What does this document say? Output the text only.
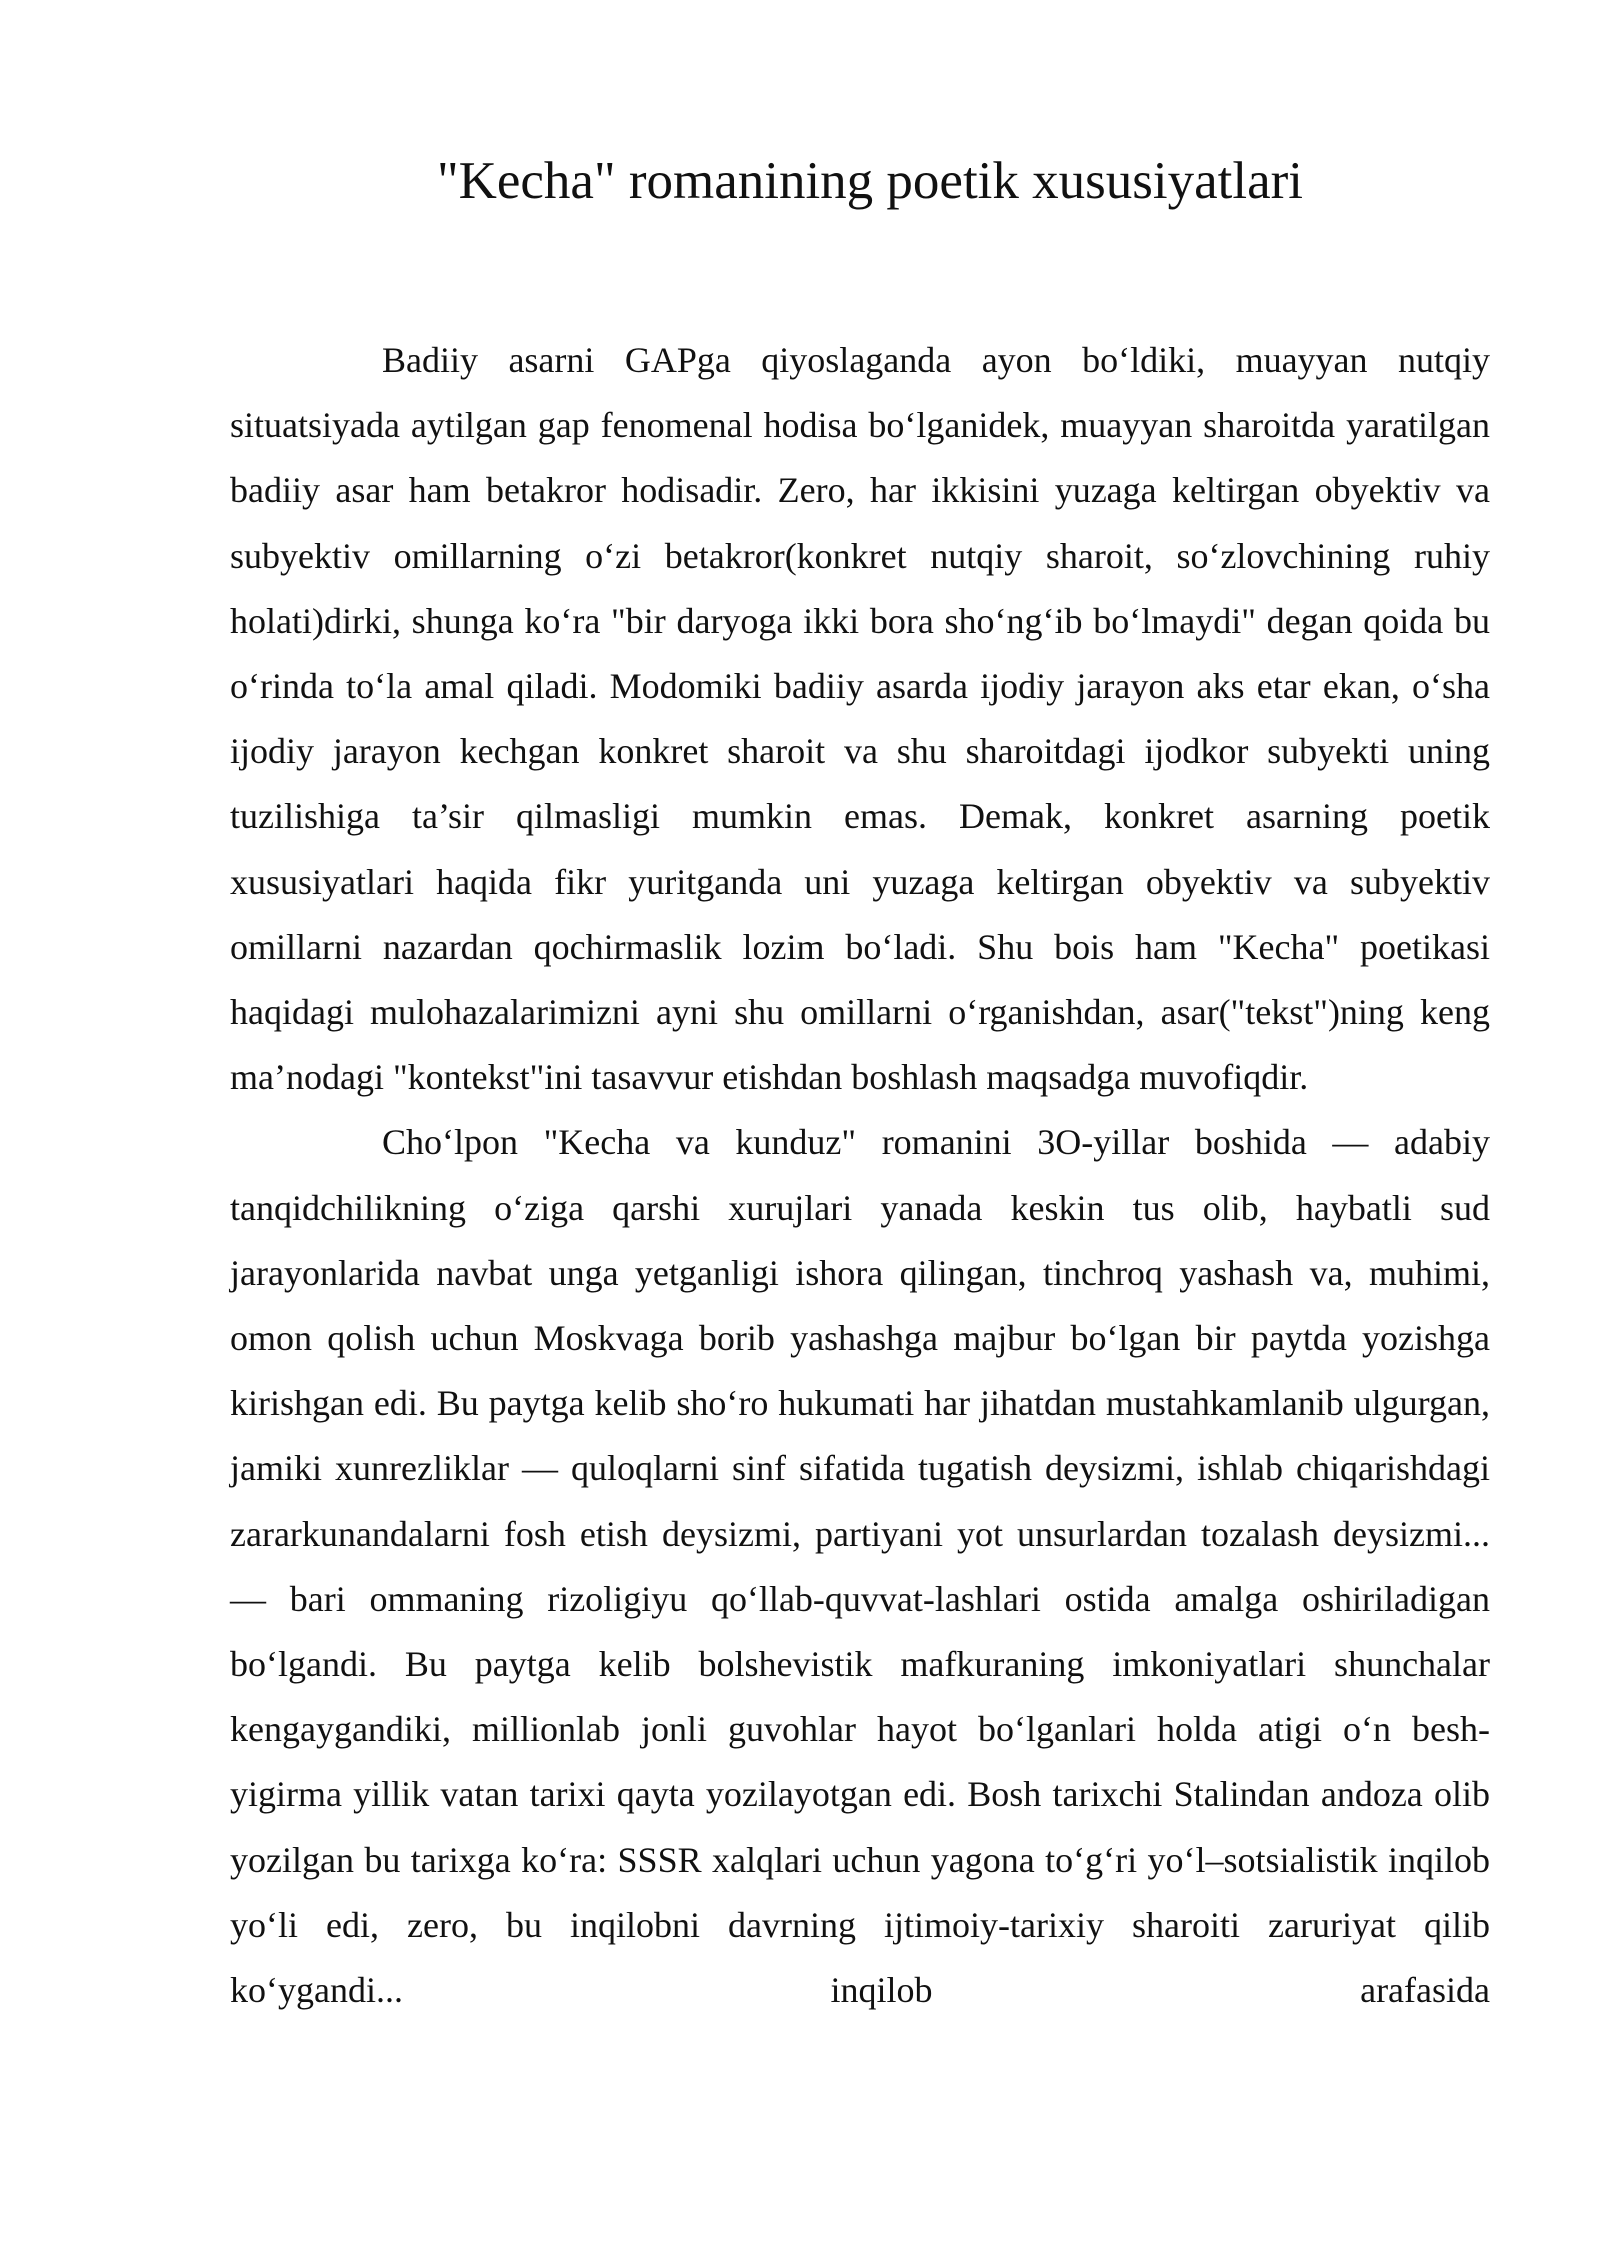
"Kecha" romanining poetik xususiyatlari

Badiiy asarni GAPga qiyoslaganda ayon bo‘ldiki, muayyan nutqiy situatsiyada aytilgan gap fenomenal hodisa bo‘lganidek, muayyan sharoitda yaratilgan badiiy asar ham betakror hodisadir. Zero, har ikkisini yuzaga keltirgan obyektiv va subyektiv omillarning o‘zi betakror(konkret nutqiy sharoit, so‘zlovchining ruhiy holati)dirki, shunga ko‘ra "bir daryoga ikki bora sho‘ng‘ib bo‘lmaydi" degan qoida bu o‘rinda to‘la amal qiladi. Modomiki badiiy asarda ijodiy jarayon aks etar ekan, o‘sha ijodiy jarayon kechgan konkret sharoit va shu sharoitdagi ijodkor subyekti uning tuzilishiga ta’sir qilmasligi mumkin emas. Demak, konkret asarning poetik xususiyatlari haqida fikr yuritganda uni yuzaga keltirgan obyektiv va subyektiv omillarni nazardan qochirmaslik lozim bo‘ladi. Shu bois ham "Kecha" poetikasi haqidagi mulohazalarimizni ayni shu omillarni o‘rganishdan, asar("tekst")ning keng ma’nodagi "kontekst"ini tasavvur etishdan boshlash maqsadga muvofiqdir.

Cho‘lpon "Kecha va kunduz" romanini 3O-yillar boshida — adabiy tanqidchilikning o‘ziga qarshi xurujlari yanada keskin tus olib, haybatli sud jarayonlarida navbat unga yetganligi ishora qilingan, tinchroq yashash va, muhimi, omon qolish uchun Moskvaga borib yashashga majbur bo‘lgan bir paytda yozishga kirishgan edi. Bu paytga kelib sho‘ro hukumati har jihatdan mustahkamlanib ulgurgan, jamiki xunrezliklar — quloqlarni sinf sifatida tugatish deysizmi, ishlab chiqarishdagi zararkunandalarni fosh etish deysizmi, partiyani yot unsurlardan tozalash deysizmi... — bari ommaning rizoligiyu qo‘llab-quvvat-lashlari ostida amalga oshiriladigan bo‘lgandi. Bu paytga kelib bolshevistik mafkuraning imkoniyatlari shunchalar kengaygandiki, millionlab jonli guvohlar hayot bo‘lganlari holda atigi o‘n besh-yigirma yillik vatan tarixi qayta yozilayotgan edi. Bosh tarixchi Stalindan andoza olib yozilgan bu tarixga ko‘ra: SSSR xalqlari uchun yagona to‘g‘ri yo‘l–sotsialistik inqilob yo‘li edi, zero, bu inqilobni davrning ijtimoiy-tarixiy sharoiti zaruriyat qilib ko‘ygandi... inqilob arafasida
